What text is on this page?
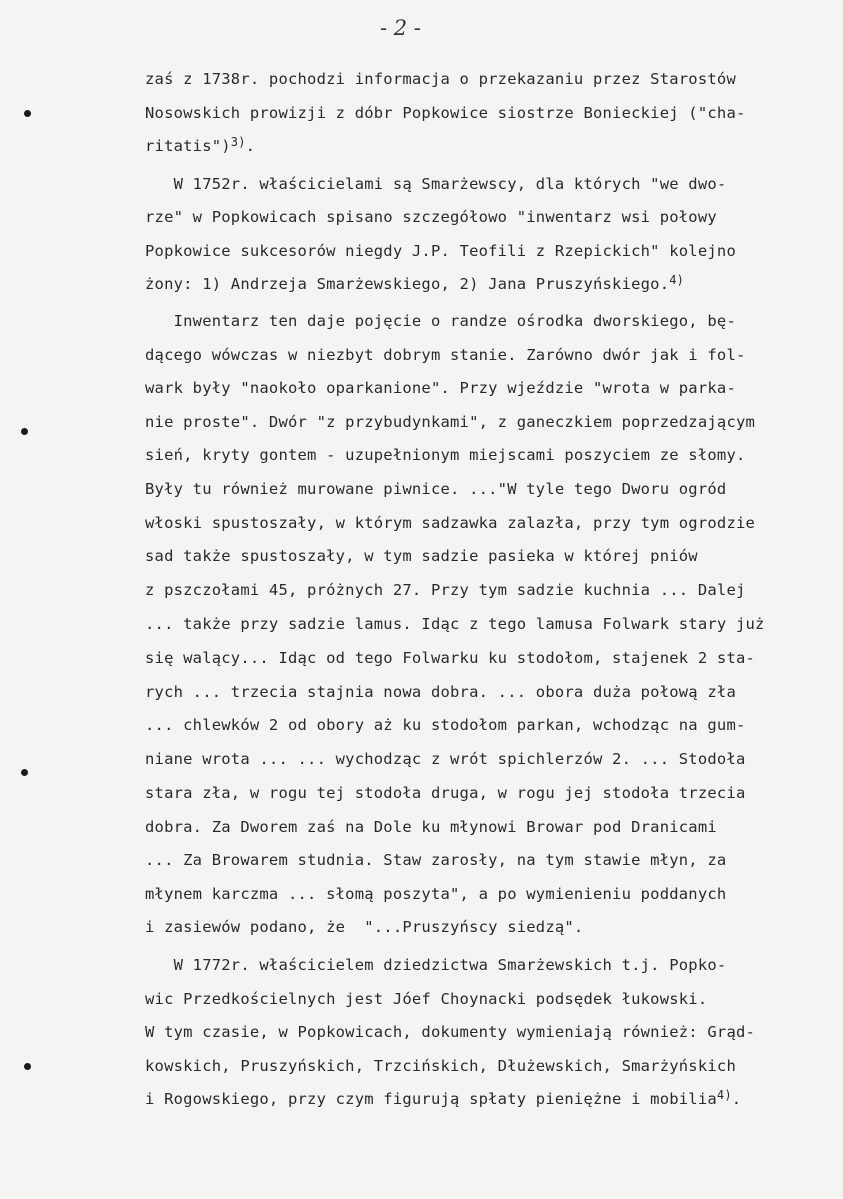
- 2 -
zaś z 1738r. pochodzi informacja o przekazaniu przez Starostów
Nosowskich prowizji z dóbr Popkowice siostrze Bonieckiej ("cha-
ritatis")$^{3)}$.
W 1752r. właścicielami są Smarżewscy, dla których "we dwo-
rze" w Popkowicach spisano szczegółowo "inwentarz wsi połowy
Popkowice sukcesorów niegdy J.P. Teofili z Rzepickich" kolejno
żony: 1) Andrzeja Smarżewskiego, 2) Jana Pruszyńskiego.$^{4)}$
Inwentarz ten daje pojęcie o randze ośrodka dworskiego, bę-
dącego wówczas w niezbyt dobrym stanie. Zarówno dwór jak i fol-
wark były "naokoło oparkanione". Przy wjeździe "wrota w parka-
nie proste". Dwór "z przybudynkami", z ganeczkiem poprzedzającym
sień, kryty gontem - uzupełnionym miejscami poszyciem ze słomy.
Były tu również murowane piwnice. ..."W tyle tego Dworu ogród
włoski spustoszały, w którym sadzawka zalazła, przy tym ogrodzie
sad także spustoszały, w tym sadzie pasieka w której pniów
z pszczołami 45, próżnych 27. Przy tym sadzie kuchnia ... Dalej
... także przy sadzie lamus. Idąc z tego lamusa Folwark stary już
się walący... Idąc od tego Folwarku ku stodołom, stajenek 2 sta-
rych ... trzecia stajnia nowa dobra. ... obora duża połową zła
... chlewków 2 od obory aż ku stodołom parkan, wchodząc na gum-
niane wrota ... ... wychodząc z wrót spichlerzów 2. ... Stodoła
stara zła, w rogu tej stodoła druga, w rogu jej stodoła trzecia
dobra. Za Dworem zaś na Dole ku młynowi Browar pod Dranicami
... Za Browarem studnia. Staw zarosły, na tym stawie młyn, za
młynem karczma ... słomą poszyta", a po wymienieniu poddanych
i zasiewów podano, że  "...Pruszyńscy siedzą".
W 1772r. właścicielem dziedzictwa Smarżewskich t.j. Popko-
wic Przedkościelnych jest Jóef Choynacki podsędek łukowski.
W tym czasie, w Popkowicach, dokumenty wymieniają również: Grąd-
kowskich, Pruszyńskich, Trzcińskich, Dłużewskich, Smarżyńskich
i Rogowskiego, przy czym figurują spłaty pieniężne i mobilia$^{4)}$.
